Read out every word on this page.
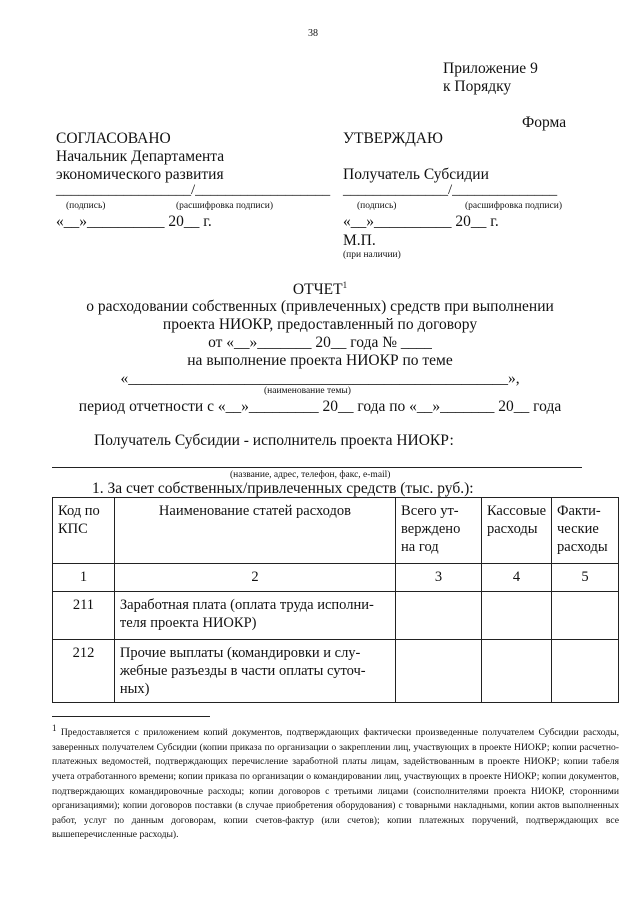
38
Приложение 9
к Порядку
Форма
СОГЛАСОВАНО
Начальник Департамента
экономического развития
__________________/__________________
(подпись)	(расшифровка подписи)
«__»__________ 20__ г.
УТВЕРЖДАЮ
Получатель Субсидии
______________/______________
(подпись)	(расшифровка подписи)
«__»__________ 20__ г.
М.П.
(при наличии)
ОТЧЕТ$^1$
о расходовании собственных (привлеченных) средств при выполнении
проекта НИОКР, предоставленный по договору
от «__»_______ 20__ года № ____
на выполнение проекта НИОКР по теме
«_________________________________________________»,
(наименование темы)
период отчетности с «__»_________ 20__ года по «__»_______ 20__ года
Получатель Субсидии - исполнитель проекта НИОКР:
(название, адрес, телефон, факс, e-mail)
1. За счет собственных/привлеченных средств (тыс. руб.):
Код по КПС	Наименование статей расходов	Всего ут-верждено на год	Кассовые расходы	Факти-ческие расходы
1	2	3	4	5
211	Заработная плата (оплата труда исполни-теля проекта НИОКР)			
212	Прочие выплаты (командировки и слу-жебные разъезды в части оплаты суточ-ных)			
$^1$ Предоставляется с приложением копий документов, подтверждающих фактически произведенные получателем Субсидии расходы, заверенных получателем Субсидии (копии приказа по организации о закреплении лиц, участвующих в проекте НИОКР; копии расчетно-платежных ведомостей, подтверждающих перечисление заработной платы лицам, задействованным в проекте НИОКР; копии табеля учета отработанного времени; копии приказа по организации о командировании лиц, участвующих в проекте НИОКР; копии документов, подтверждающих командировочные расходы; копии договоров с третьими лицами (соисполнителями проекта НИОКР, сторонними организациями); копии договоров поставки (в случае приобретения оборудования) с товарными накладными, копии актов выполненных работ, услуг по данным договорам, копии счетов-фактур (или счетов); копии платежных поручений, подтверждающих все вышеперечисленные расходы).
